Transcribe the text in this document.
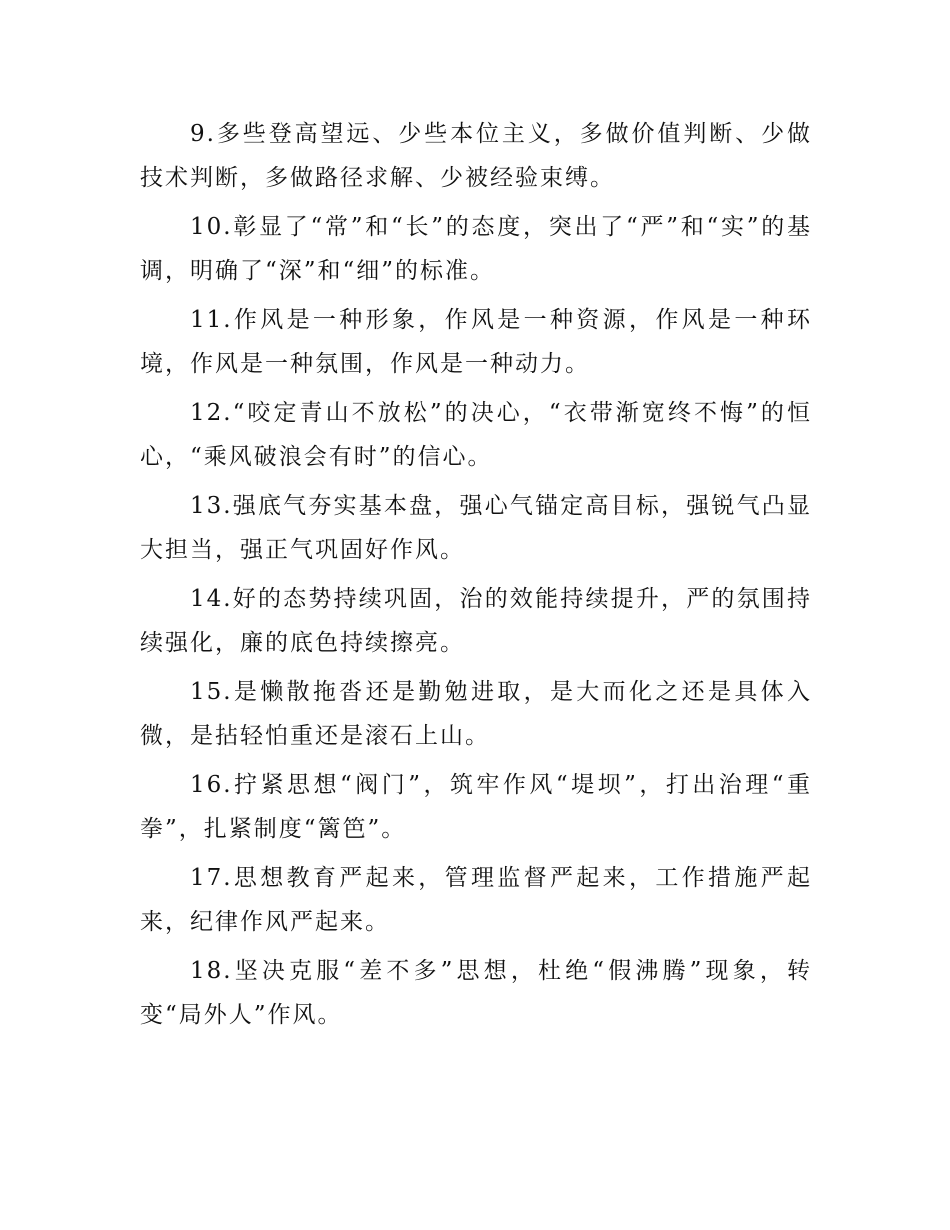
9.多些登高望远、少些本位主义，多做价值判断、少做技术判断，多做路径求解、少被经验束缚。

10.彰显了“常”和“长”的态度，突出了“严”和“实”的基调，明确了“深”和“细”的标准。

11.作风是一种形象，作风是一种资源，作风是一种环境，作风是一种氛围，作风是一种动力。

12.“咬定青山不放松”的决心，“衣带渐宽终不悔”的恒心，“乘风破浪会有时”的信心。

13.强底气夯实基本盘，强心气锚定高目标，强锐气凸显大担当，强正气巩固好作风。

14.好的态势持续巩固，治的效能持续提升，严的氛围持续强化，廉的底色持续擦亮。

15.是懒散拖沓还是勤勉进取，是大而化之还是具体入微，是拈轻怕重还是滚石上山。

16.拧紧思想“阀门”，筑牢作风“堤坝”，打出治理“重拳”，扎紧制度“篱笆”。

17.思想教育严起来，管理监督严起来，工作措施严起来，纪律作风严起来。

18.坚决克服“差不多”思想，杜绝“假沸腾”现象，转变“局外人”作风。
